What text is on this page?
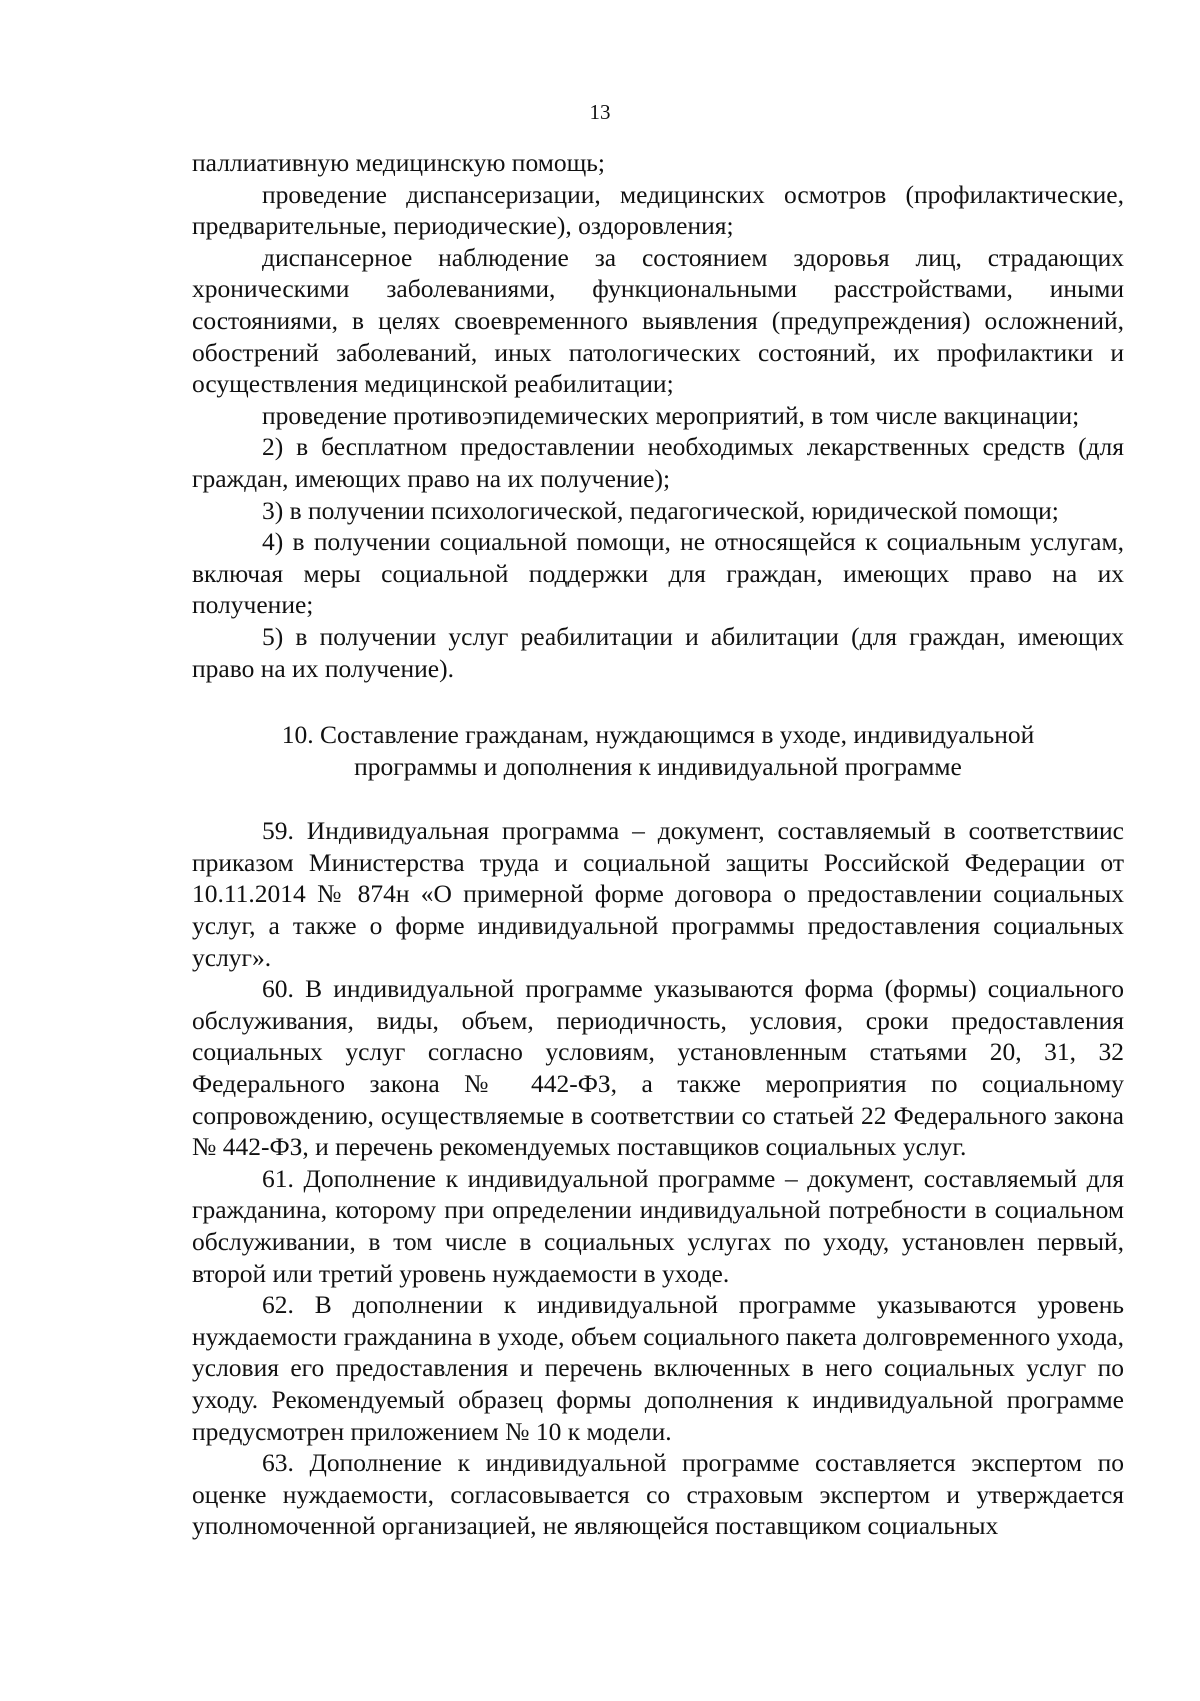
13

паллиативную медицинскую помощь;

проведение диспансеризации, медицинских осмотров (профилактические, предварительные, периодические), оздоровления;

диспансерное наблюдение за состоянием здоровья лиц, страдающих хроническими заболеваниями, функциональными расстройствами, иными состояниями, в целях своевременного выявления (предупреждения) осложнений, обострений заболеваний, иных патологических состояний, их профилактики и осуществления медицинской реабилитации;

проведение противоэпидемических мероприятий, в том числе вакцинации;

2) в бесплатном предоставлении необходимых лекарственных средств (для граждан, имеющих право на их получение);

3) в получении психологической, педагогической, юридической помощи;

4) в получении социальной помощи, не относящейся к социальным услугам, включая меры социальной поддержки для граждан, имеющих право на их получение;

5) в получении услуг реабилитации и абилитации (для граждан, имеющих право на их получение).

10. Составление гражданам, нуждающимся в уходе, индивидуальной программы и дополнения к индивидуальной программе

59. Индивидуальная программа – документ, составляемый в соответствиис приказом Министерства труда и социальной защиты Российской Федерации от 10.11.2014 № 874н «О примерной форме договора о предоставлении социальных услуг, а также о форме индивидуальной программы предоставления социальных услуг».

60. В индивидуальной программе указываются форма (формы) социального обслуживания, виды, объем, периодичность, условия, сроки предоставления социальных услуг согласно условиям, установленным статьями 20, 31, 32 Федерального закона № 442-ФЗ, а также мероприятия по социальному сопровождению, осуществляемые в соответствии со статьей 22 Федерального закона № 442-ФЗ, и перечень рекомендуемых поставщиков социальных услуг.

61. Дополнение к индивидуальной программе – документ, составляемый для гражданина, которому при определении индивидуальной потребности в социальном обслуживании, в том числе в социальных услугах по уходу, установлен первый, второй или третий уровень нуждаемости в уходе.

62. В дополнении к индивидуальной программе указываются уровень нуждаемости гражданина в уходе, объем социального пакета долговременного ухода, условия его предоставления и перечень включенных в него социальных услуг по уходу. Рекомендуемый образец формы дополнения к индивидуальной программе предусмотрен приложением № 10 к модели.

63. Дополнение к индивидуальной программе составляется экспертом по оценке нуждаемости, согласовывается со страховым экспертом и утверждается уполномоченной организацией, не являющейся поставщиком социальных
